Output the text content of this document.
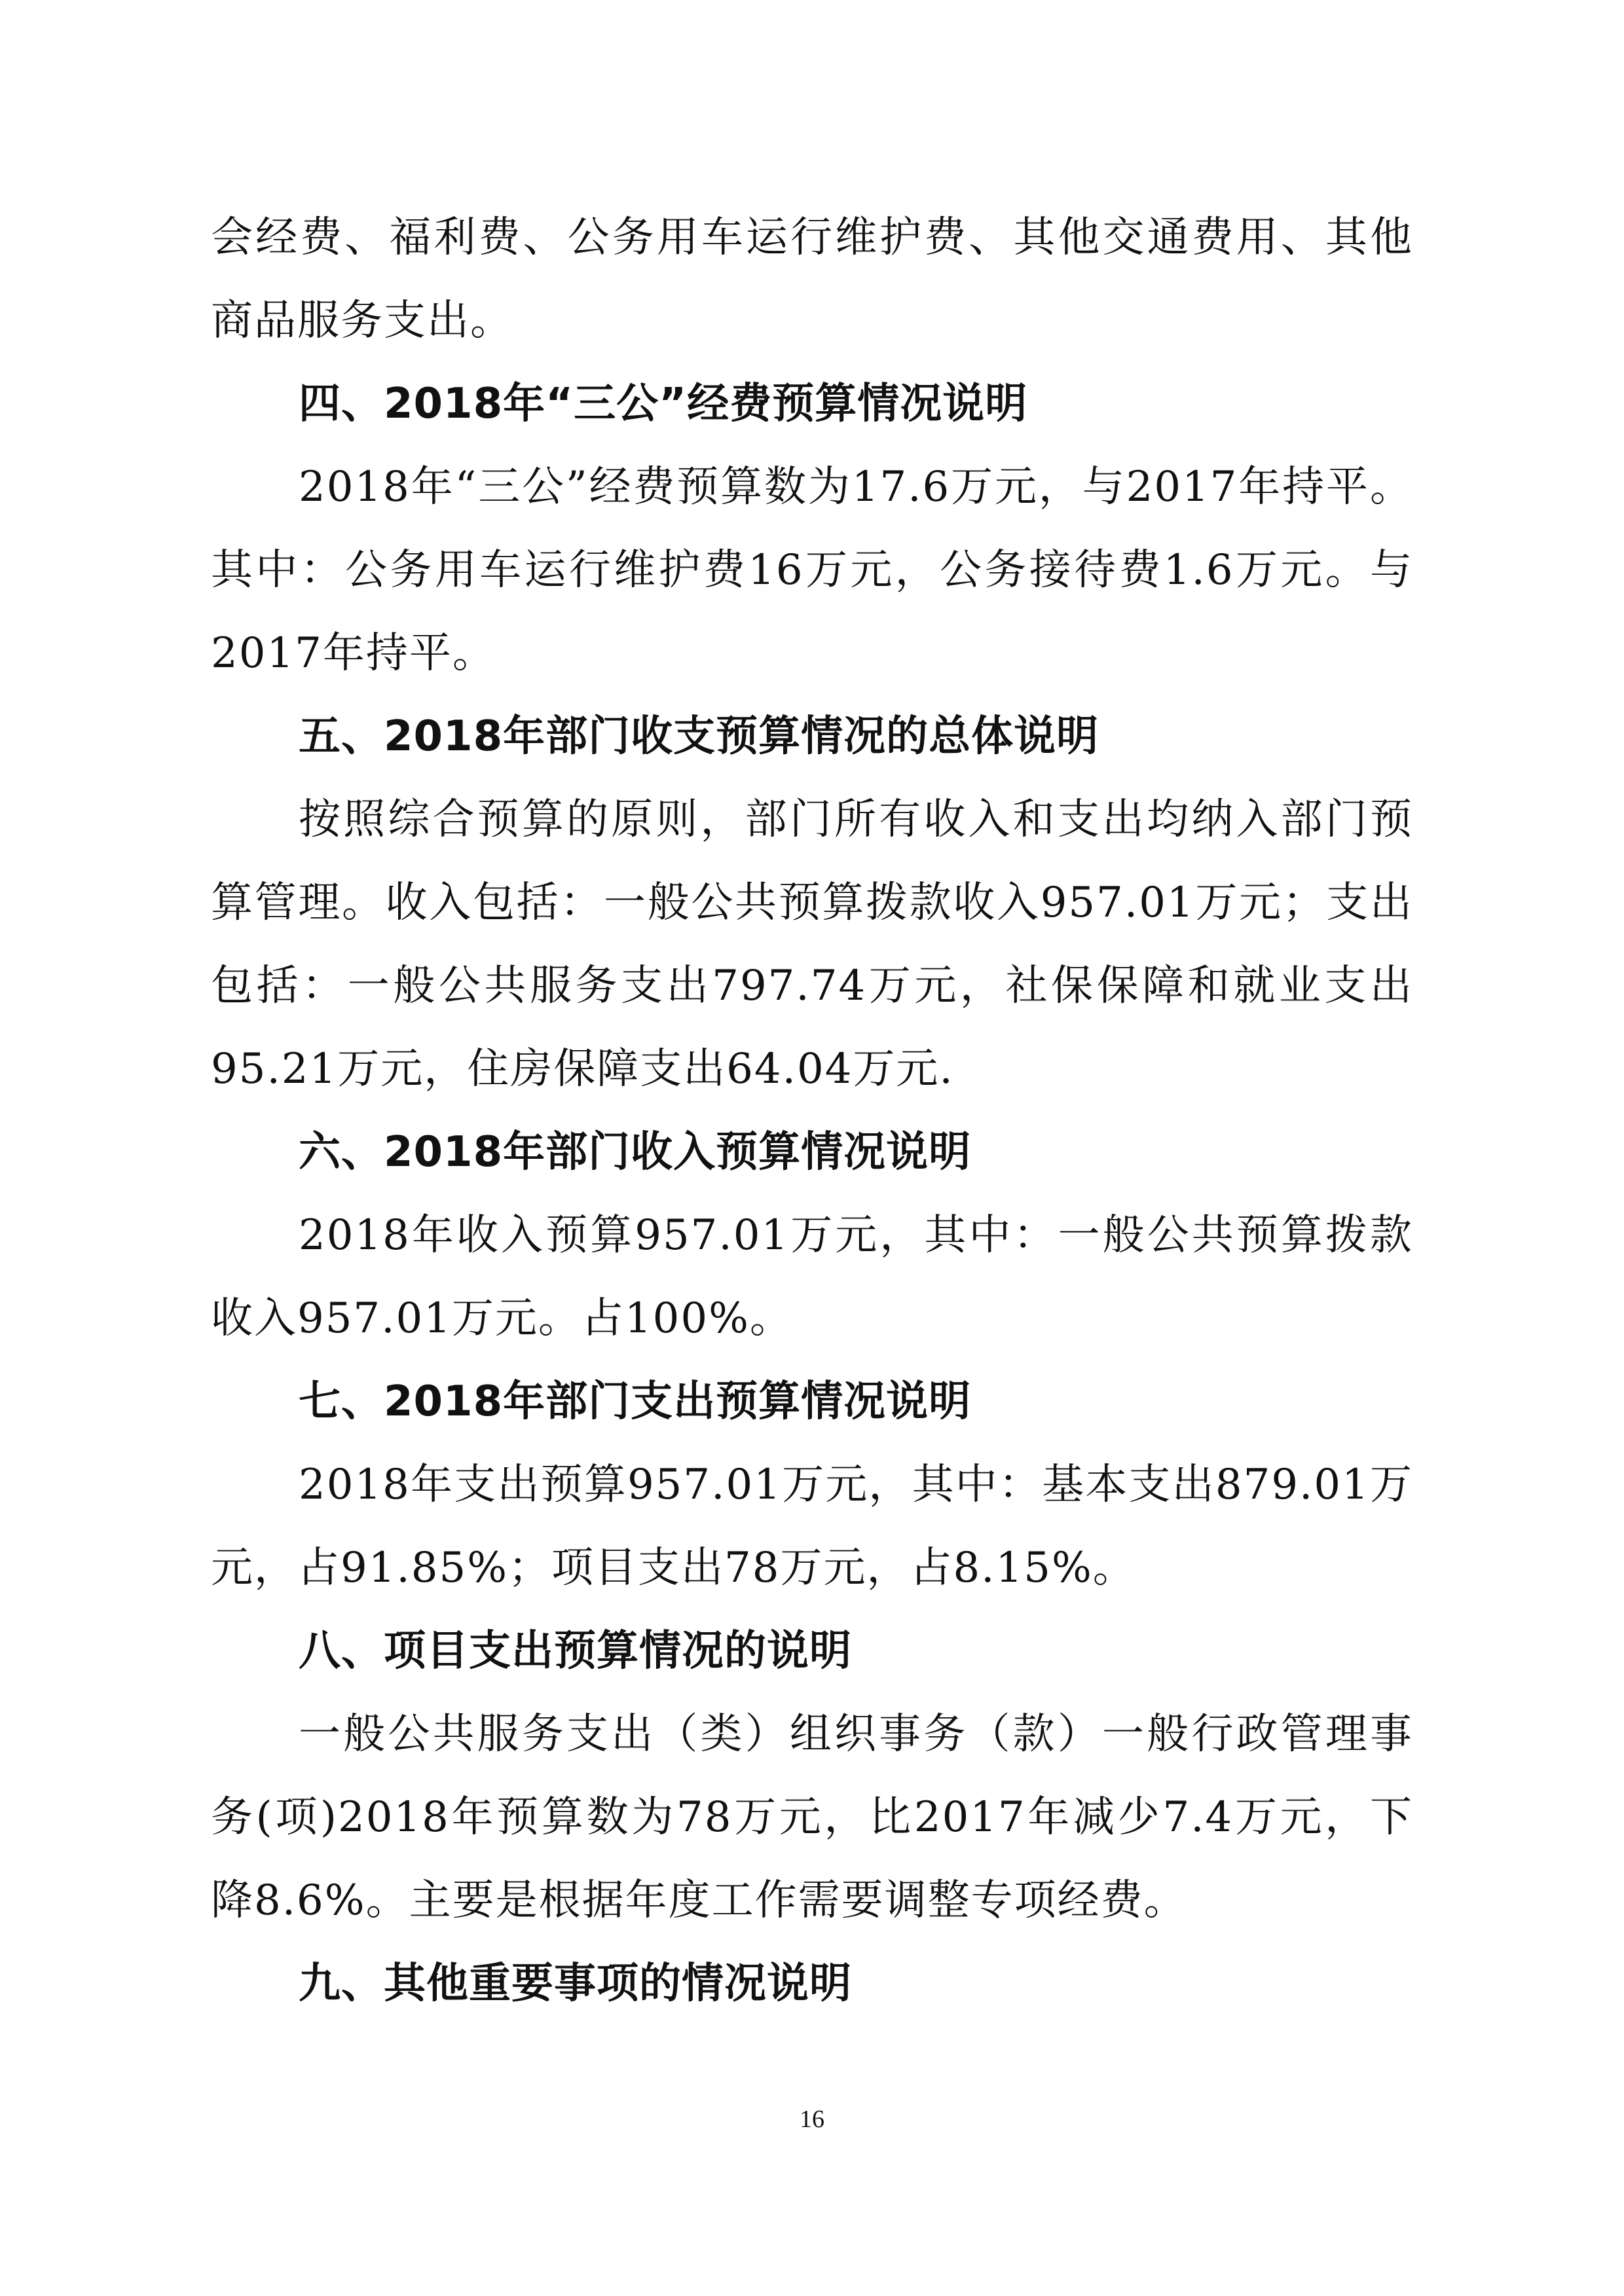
会经费、福利费、公务用车运行维护费、其他交通费用、其他商品服务支出。

四、2018年“三公”经费预算情况说明

2018年“三公”经费预算数为17.6万元，与2017年持平。其中：公务用车运行维护费16万元，公务接待费1.6万元。与2017年持平。

五、2018年部门收支预算情况的总体说明

按照综合预算的原则，部门所有收入和支出均纳入部门预算管理。收入包括：一般公共预算拨款收入957.01万元；支出包括：一般公共服务支出797.74万元，社保保障和就业支出95.21万元，住房保障支出64.04万元.

六、2018年部门收入预算情况说明

2018年收入预算957.01万元，其中：一般公共预算拨款收入957.01万元。占100%。

七、2018年部门支出预算情况说明

2018年支出预算957.01万元，其中：基本支出879.01万元，占91.85%；项目支出78万元，占8.15%。

八、项目支出预算情况的说明

一般公共服务支出（类）组织事务（款）一般行政管理事务(项)2018年预算数为78万元，比2017年减少7.4万元，下降8.6%。主要是根据年度工作需要调整专项经费。

九、其他重要事项的情况说明
16
